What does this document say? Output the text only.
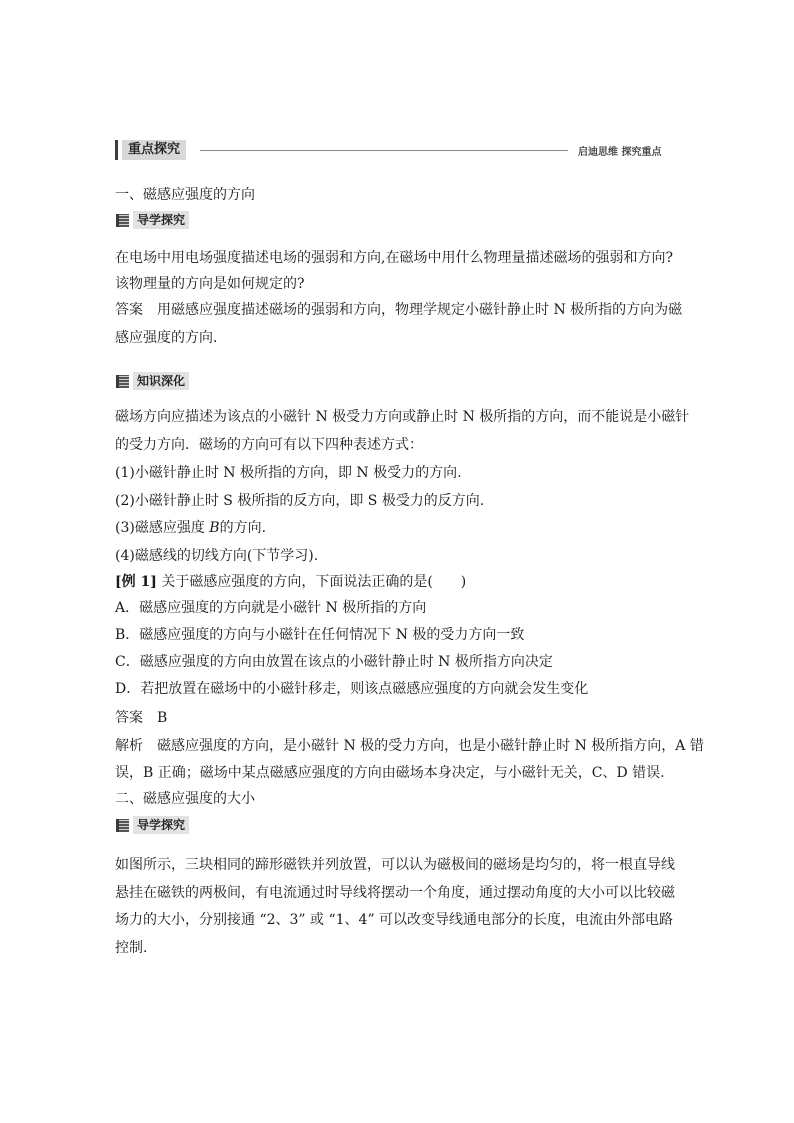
重点探究	启迪思维 探究重点
一、磁感应强度的方向
导学探究
在电场中用电场强度描述电场的强弱和方向,在磁场中用什么物理量描述磁场的强弱和方向?
该物理量的方向是如何规定的?
答案　用磁感应强度描述磁场的强弱和方向，物理学规定小磁针静止时 N 极所指的方向为磁
感应强度的方向.
知识深化
磁场方向应描述为该点的小磁针 N 极受力方向或静止时 N 极所指的方向，而不能说是小磁针
的受力方向．磁场的方向可有以下四种表述方式：
(1)小磁针静止时 N 极所指的方向，即 N 极受力的方向.
(2)小磁针静止时 S 极所指的反方向，即 S 极受力的反方向.
(3)磁感应强度 B的方向.
(4)磁感线的切线方向(下节学习).
[例 1] 关于磁感应强度的方向，下面说法正确的是(　　)
A．磁感应强度的方向就是小磁针 N 极所指的方向
B．磁感应强度的方向与小磁针在任何情况下 N 极的受力方向一致
C．磁感应强度的方向由放置在该点的小磁针静止时 N 极所指方向决定
D．若把放置在磁场中的小磁针移走，则该点磁感应强度的方向就会发生变化
答案　B
解析　磁感应强度的方向，是小磁针 N 极的受力方向，也是小磁针静止时 N 极所指方向，A 错
误，B 正确；磁场中某点磁感应强度的方向由磁场本身决定，与小磁针无关，C、D 错误.
二、磁感应强度的大小
导学探究
如图所示，三块相同的蹄形磁铁并列放置，可以认为磁极间的磁场是均匀的，将一根直导线
悬挂在磁铁的两极间，有电流通过时导线将摆动一个角度，通过摆动角度的大小可以比较磁
场力的大小，分别接通 “2、3” 或 “1、4” 可以改变导线通电部分的长度，电流由外部电路
控制.
